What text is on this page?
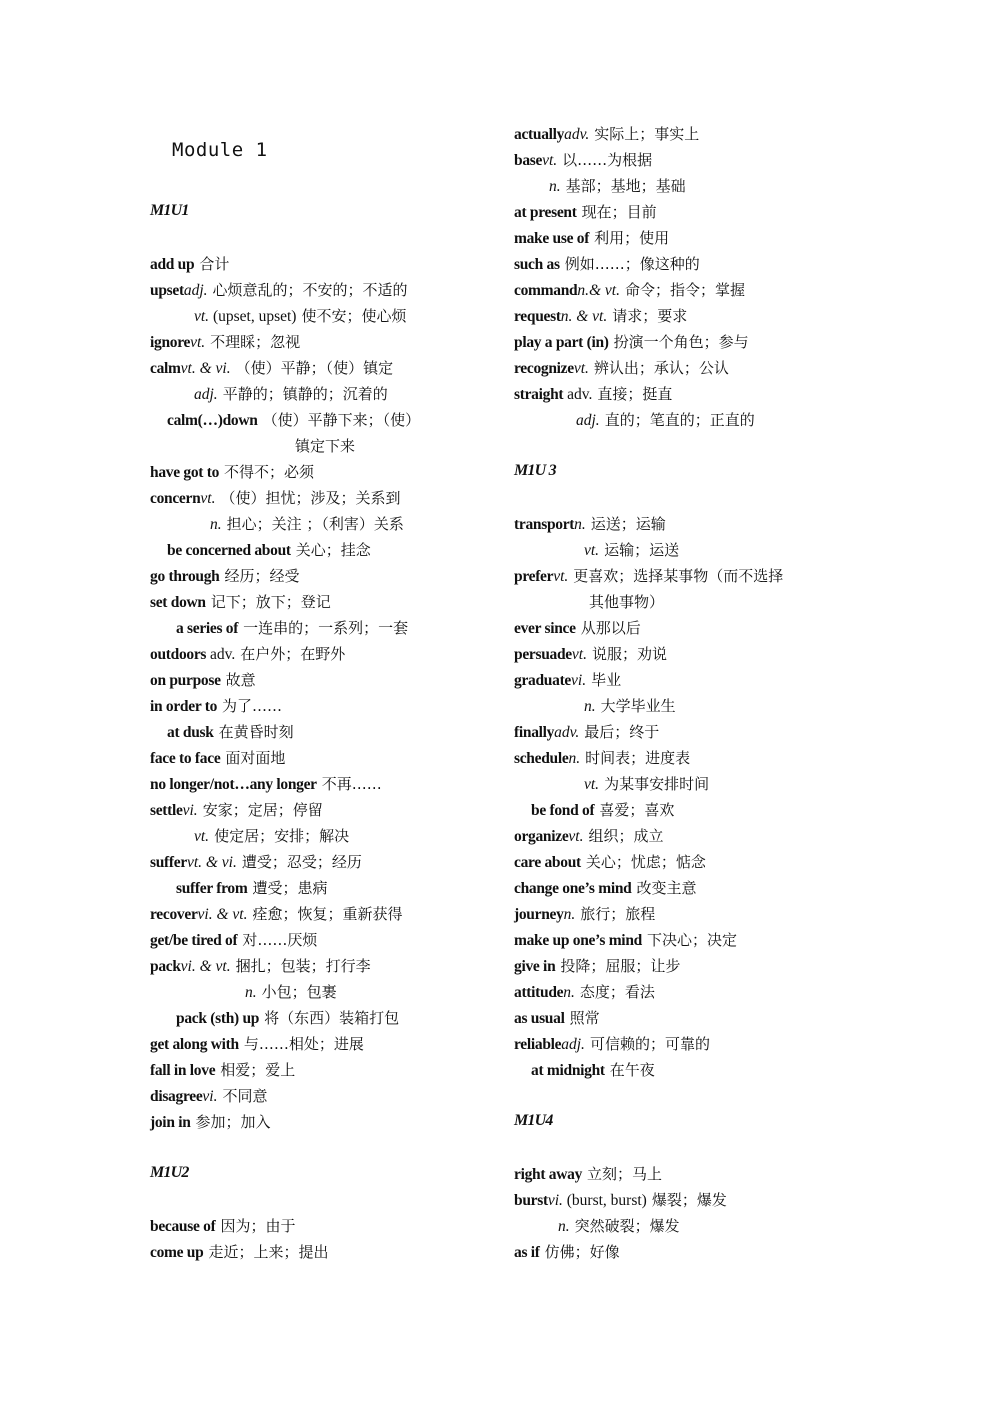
Module 1
M1U1
add up 合计
upsetadj. 心烦意乱的；不安的；不适的
vt. (upset, upset) 使不安；使心烦
ignorevt. 不理睬；忽视
calmvt. & vi. （使）平静；（使）镇定
adj. 平静的；镇静的；沉着的
calm(…)down （使）平静下来；（使）
镇定下来
have got to 不得不；必须
concernvt. （使）担忧；涉及；关系到
n. 担心；关注 ；（利害）关系
be concerned about 关心；挂念
go through 经历；经受
set down 记下；放下；登记
a series of 一连串的；一系列；一套
outdoors adv. 在户外；在野外
on purpose 故意
in order to 为了……
at dusk 在黄昏时刻
face to face 面对面地
no longer/not…any longer 不再……
settlevi. 安家；定居；停留
vt. 使定居；安排；解决
suffervt. & vi. 遭受；忍受；经历
suffer from 遭受；患病
recovervi. & vt. 痊愈；恢复；重新获得
get/be tired of 对……厌烦
packvi. & vt. 捆扎；包装；打行李
n. 小包；包裹
pack (sth) up 将（东西）装箱打包
get along with 与……相处；进展
fall in love 相爱；爱上
disagreevi. 不同意
join in 参加；加入
M1U2
because of 因为；由于
come up 走近；上来；提出
actuallyadv. 实际上；事实上
basevt. 以……为根据
n. 基部；基地；基础
at present 现在；目前
make use of 利用；使用
such as 例如……；像这种的
commandn.& vt. 命令；指令；掌握
requestn. & vt. 请求；要求
play a part (in) 扮演一个角色；参与
recognizevt. 辨认出；承认；公认
straight adv. 直接；挺直
adj. 直的；笔直的；正直的
M1U 3
transportn. 运送；运输
vt. 运输；运送
prefervt. 更喜欢；选择某事物（而不选择
其他事物）
ever since 从那以后
persuadevt. 说服；劝说
graduatevi. 毕业
n. 大学毕业生
finallyadv. 最后；终于
schedulen. 时间表；进度表
vt. 为某事安排时间
be fond of 喜爱；喜欢
organizevt. 组织；成立
care about 关心；忧虑；惦念
change one’s mind 改变主意
journeyn. 旅行；旅程
make up one’s mind 下决心；决定
give in 投降；屈服；让步
attituden. 态度；看法
as usual 照常
reliableadj. 可信赖的；可靠的
at midnight 在午夜
M1U4
right away 立刻；马上
burstvi. (burst, burst) 爆裂；爆发
n. 突然破裂；爆发
as if 仿佛；好像
